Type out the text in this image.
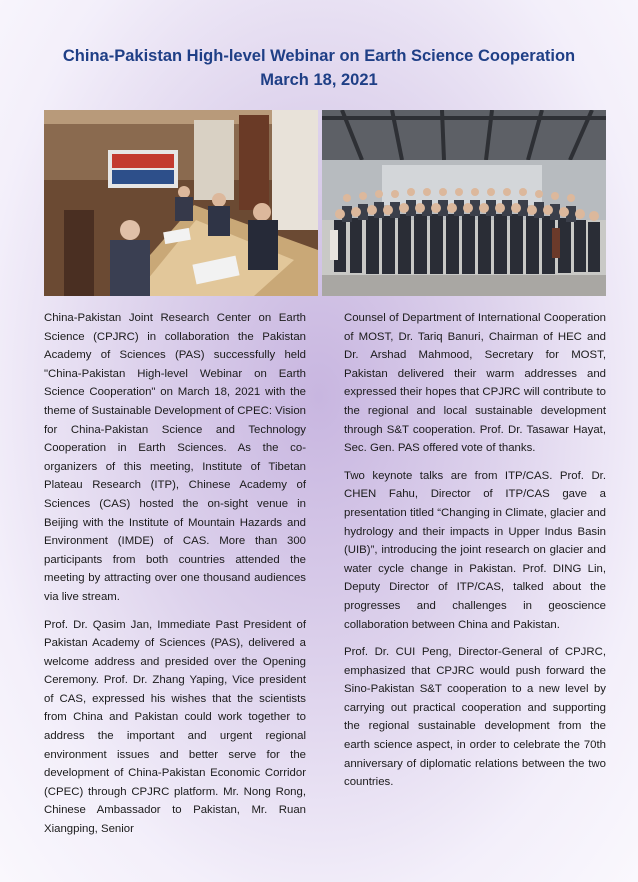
China-Pakistan High-level Webinar on Earth Science Cooperation
March 18, 2021

China-Pakistan Joint Research Center on Earth Science (CPJRC) in collaboration the Pakistan Academy of Sciences (PAS) successfully held "China-Pakistan High-level Webinar on Earth Science Cooperation" on March 18, 2021 with the theme of Sustainable Development of CPEC: Vision for China-Pakistan Science and Technology Cooperation in Earth Sciences. As the co-organizers of this meeting, Institute of Tibetan Plateau Research (ITP), Chinese Academy of Sciences (CAS) hosted the on-sight venue in Beijing with the Institute of Mountain Hazards and Environment (IMDE) of CAS. More than 300 participants from both countries attended the meeting by attracting over one thousand audiences via live stream.

Prof. Dr. Qasim Jan, Immediate Past President of Pakistan Academy of Sciences (PAS), delivered a welcome address and presided over the Opening Ceremony. Prof. Dr. Zhang Yaping, Vice president of CAS, expressed his wishes that the scientists from China and Pakistan could work together to address the important and urgent regional environment issues and better serve for the development of China-Pakistan Economic Corridor (CPEC) through CPJRC platform. Mr. Nong Rong, Chinese Ambassador to Pakistan, Mr. Ruan Xiangping, Senior

Counsel of Department of International Cooperation of MOST, Dr. Tariq Banuri, Chairman of HEC and Dr. Arshad Mahmood, Secretary for MOST, Pakistan delivered their warm addresses and expressed their hopes that CPJRC will contribute to the regional and local sustainable development through S&T cooperation. Prof. Dr. Tasawar Hayat, Sec. Gen. PAS offered vote of thanks.

Two keynote talks are from ITP/CAS. Prof. Dr. CHEN Fahu, Director of ITP/CAS gave a presentation titled “Changing in Climate, glacier and hydrology and their impacts in Upper Indus Basin (UIB)”, introducing the joint research on glacier and water cycle change in Pakistan. Prof. DING Lin, Deputy Director of ITP/CAS, talked about the progresses and challenges in geoscience collaboration between China and Pakistan.

Prof. Dr. CUI Peng, Director-General of CPJRC, emphasized that CPJRC would push forward the Sino-Pakistan S&T cooperation to a new level by carrying out practical cooperation and supporting the regional sustainable development from the earth science aspect, in order to celebrate the 70th anniversary of diplomatic relations between the two countries.
